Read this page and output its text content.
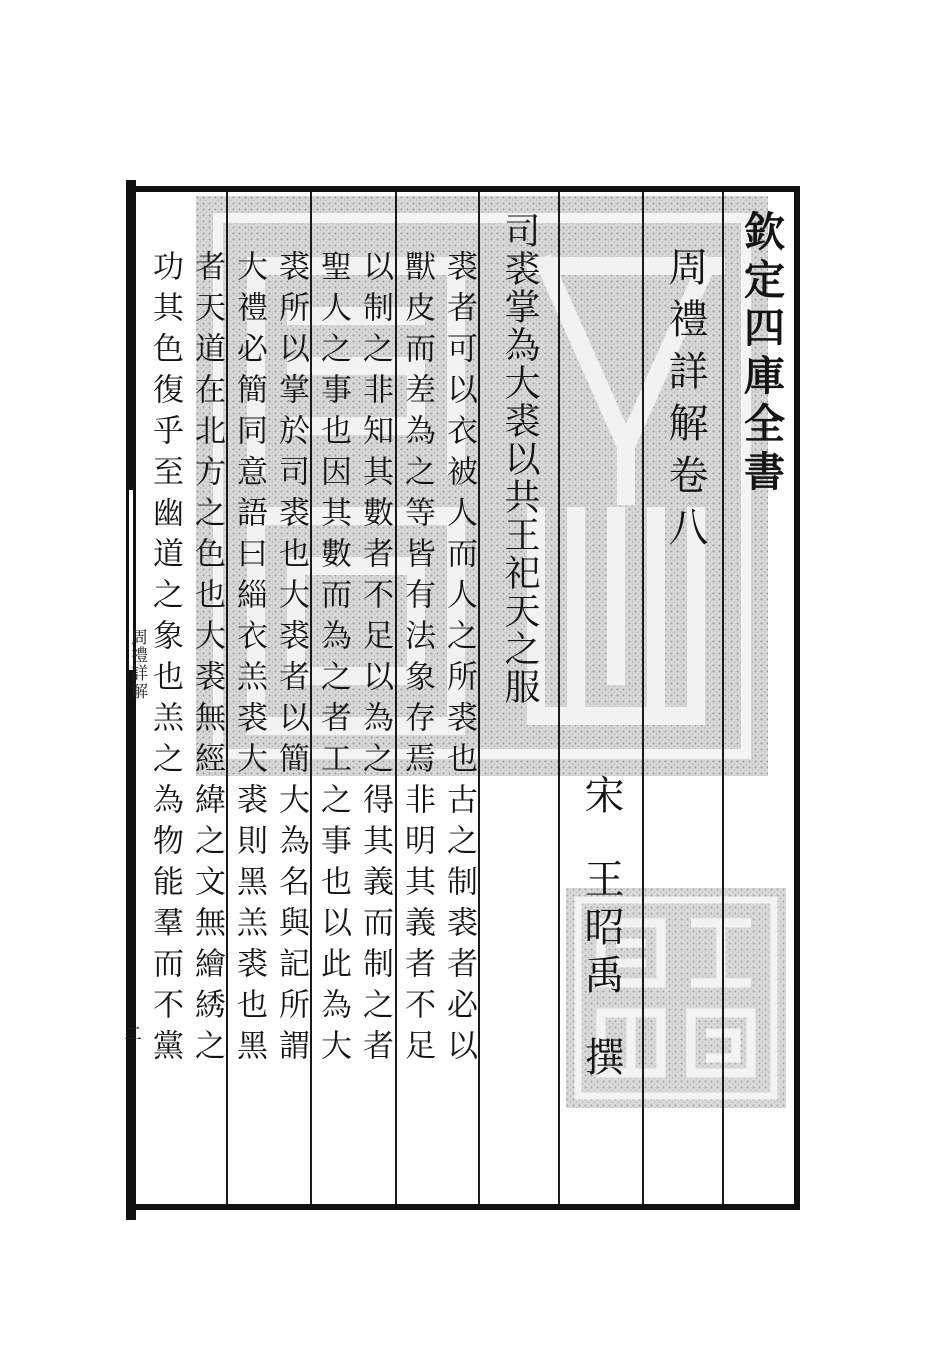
欽定四庫全書
周禮詳解卷八
宋
王昭禹
撰
司裘掌為大裘以共王祀天之服
周禮詳解
二	裘者可以衣被人而人之所裘也古之制裘者必以
獸皮而差為之等皆有法象存焉非明其義者不足
以制之非知其數者不足以為之得其義而制之者
聖人之事也因其數而為之者工之事也以此為大
裘所以掌於司裘也大裘者以簡大為名與記所謂
大禮必簡同意語曰緇衣羔裘大裘則黑羔裘也黑
者天道在北方之色也大裘無經緯之文無繪綉之
功其色復乎至幽道之象也羔之為物能羣而不黨
